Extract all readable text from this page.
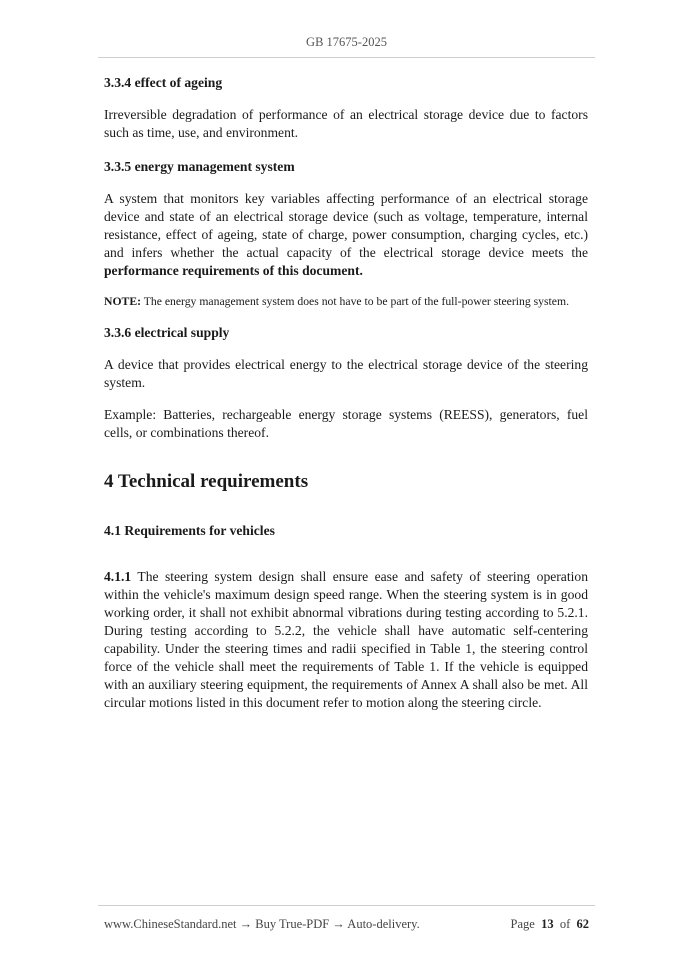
GB 17675-2025

3.3.4 effect of ageing

Irreversible degradation of performance of an electrical storage device due to factors such as time, use, and environment.

3.3.5 energy management system

A system that monitors key variables affecting performance of an electrical storage device and state of an electrical storage device (such as voltage, temperature, internal resistance, effect of ageing, state of charge, power consumption, charging cycles, etc.) and infers whether the actual capacity of the electrical storage device meets the performance requirements of this document.

NOTE: The energy management system does not have to be part of the full-power steering system.

3.3.6 electrical supply

A device that provides electrical energy to the electrical storage device of the steering system.

Example: Batteries, rechargeable energy storage systems (REESS), generators, fuel cells, or combinations thereof.

4 Technical requirements

4.1 Requirements for vehicles

4.1.1 The steering system design shall ensure ease and safety of steering operation within the vehicle's maximum design speed range. When the steering system is in good working order, it shall not exhibit abnormal vibrations during testing according to 5.2.1. During testing according to 5.2.2, the vehicle shall have automatic self-centering capability. Under the steering times and radii specified in Table 1, the steering control force of the vehicle shall meet the requirements of Table 1. If the vehicle is equipped with an auxiliary steering equipment, the requirements of Annex A shall also be met. All circular motions listed in this document refer to motion along the steering circle.

www.ChineseStandard.net → Buy True-PDF → Auto-delivery.	Page 13 of 62
